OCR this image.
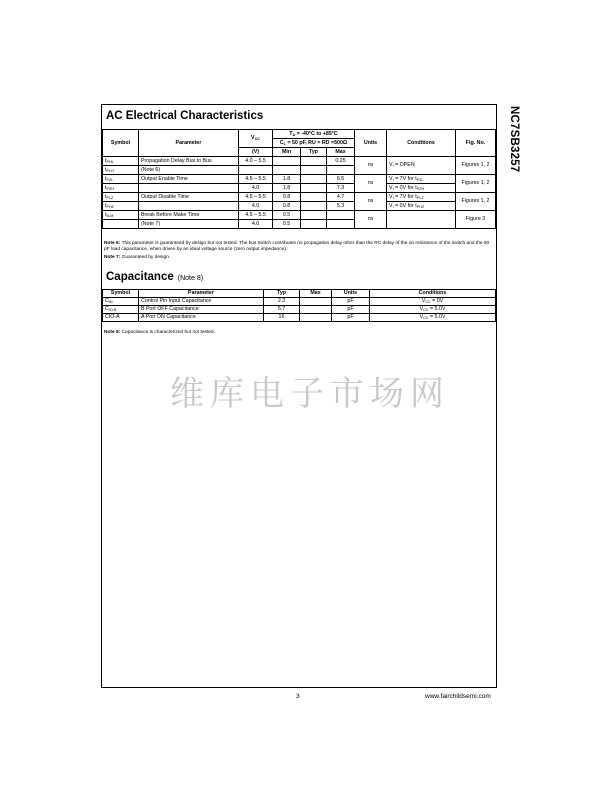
NC7SB3257
AC Electrical Characteristics
Symbol	Parameter	$V_{CC}$	$T_A = -40^\circ C$ to +85°C			Units	Conditions	Fig. No.
			$C_L = 50$ pF, RU = RD =500Ω					
		(V)	Min	Typ	Max			
$t_{PHL}$	Propagation Delay Bus to Bus	4.0 – 5.5			0.25	ns	$V_I$ = OPEN	Figures 1, 2
$t_{PLH}$	(Note 6)							
$t_{PZL}$	Output Enable Time	4.5 – 5.5	1.8		6.5	ns	$V_I = 7V$ for $t_{PZL}$	Figures 1, 2
$t_{PZH}$		4.0	1.8		7.3		$V_I = 0V$ for $t_{PZH}$
$t_{PLZ}$	Output Disable Time	4.5 – 5.5	0.8		4.7	ns	$V_I = 7V$ for $t_{PLZ}$	Figures 1, 2
$t_{PHZ}$		4.0	0.8		5.3		$V_I = 0V$ for $t_{PHZ}$
$t_{B-M}$	Break Before Make Time	4.5 – 5.5	0.5			ns		Figure 3
	(Note 7)	4.0	0.5					
Note 6: This parameter is guaranteed by design but not tested. The bus switch contributes no propagation delay other than the RC delay of the on resistance of the switch and the 50 pF load capacitance, when driven by an ideal voltage source (zero output impedance).
Note 7: Guaranteed by design.
Capacitance (Note 8)
Symbol	Parameter	Typ	Max	Units	Conditions
$C_{IN}$	Control Pin Input Capacitance	2.3		pF	$V_{CC} = 0V$
$C_{IO-B}$	B Port OFF Capacitance	5.7		pF	$V_{CC} = 5.0V$
CIO-A	A Port ON Capacitance	16		pF	$V_{CC} = 5.0V$
Note 8: Capacitance is characterized but not tested.
维库电子市场网
3	www.fairchildsemi.com
